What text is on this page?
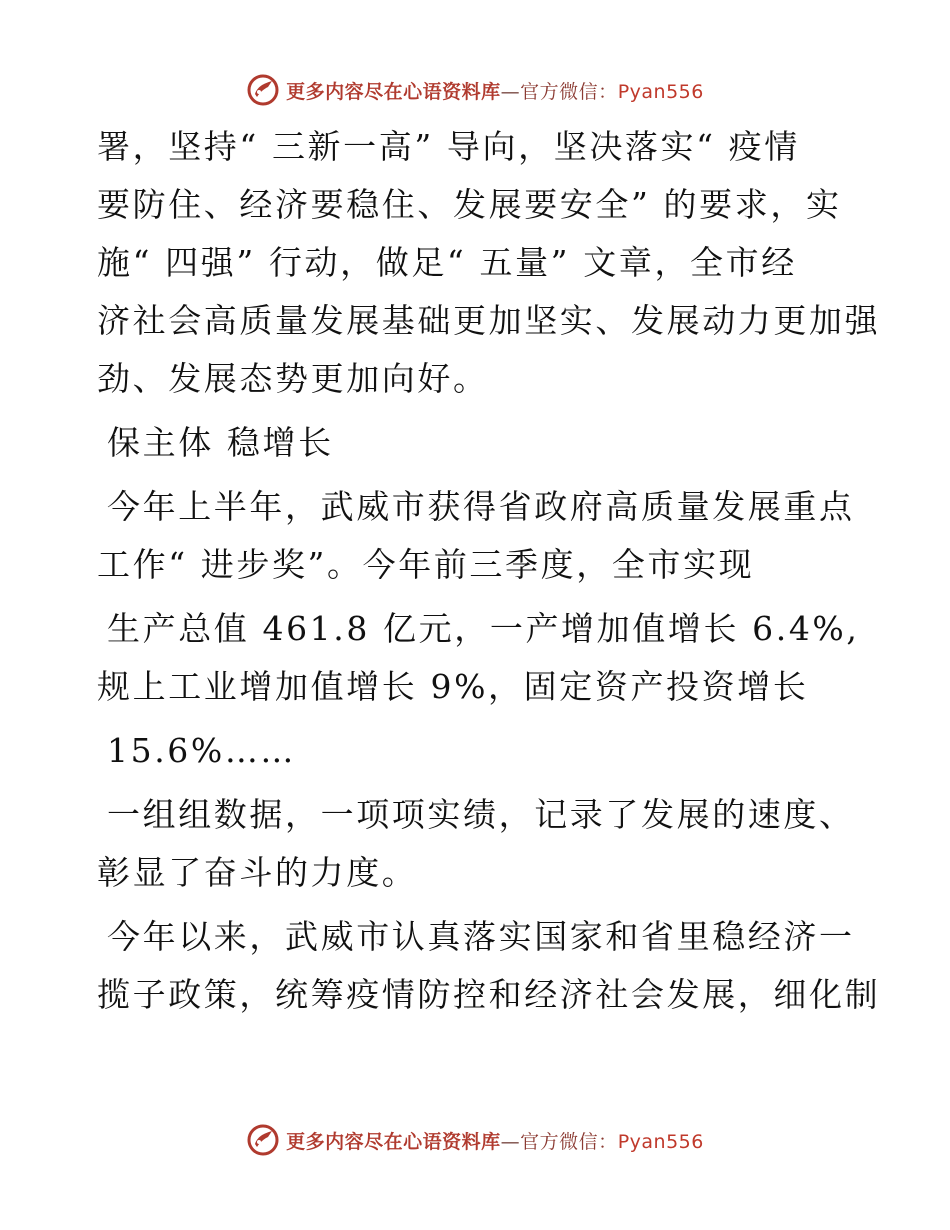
更多内容尽在心语资料库—官方微信：Pyan556

署，坚持“ 三新一高” 导向，坚决落实“ 疫情
要防住、经济要稳住、发展要安全” 的要求，实
施“ 四强” 行动，做足“ 五量” 文章，全市经
济社会高质量发展基础更加坚实、发展动力更加强
劲、发展态势更加向好。

保主体 稳增长

今年上半年，武威市获得省政府高质量发展重点

工作“ 进步奖”。今年前三季度，全市实现

生产总值 461.8 亿元，一产增加值增长 6.4%,

规上工业增加值增长 9%，固定资产投资增长

15.6%……

一组组数据，一项项实绩，记录了发展的速度、

彰显了奋斗的力度。

今年以来，武威市认真落实国家和省里稳经济一

揽子政策，统筹疫情防控和经济社会发展，细化制

更多内容尽在心语资料库—官方微信：Pyan556
